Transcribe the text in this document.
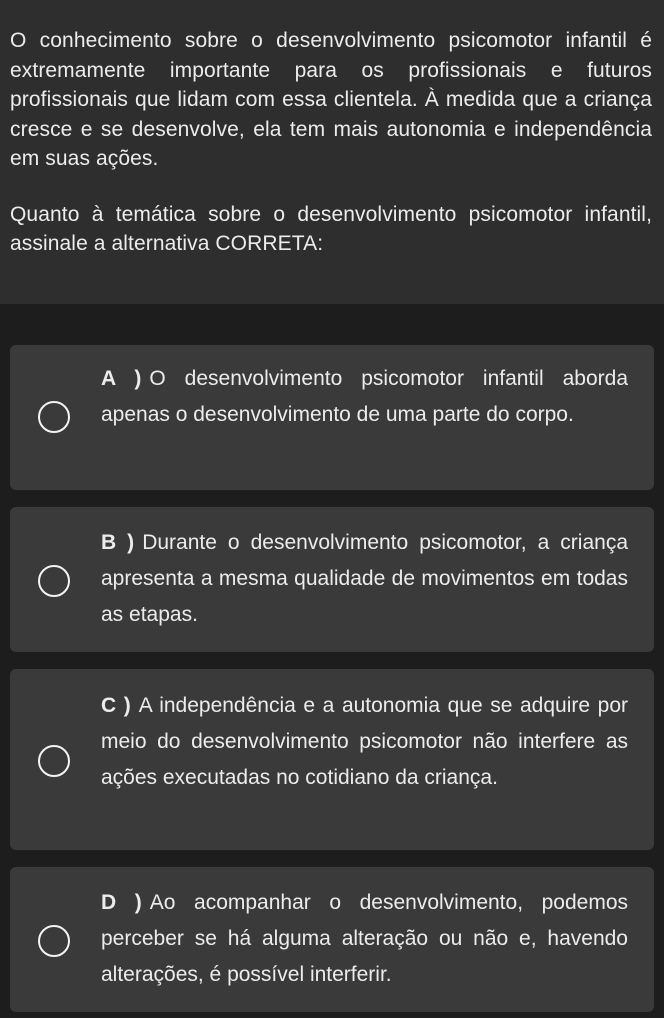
O conhecimento sobre o desenvolvimento psicomotor infantil é extremamente importante para os profissionais e futuros profissionais que lidam com essa clientela. À medida que a criança cresce e se desenvolve, ela tem mais autonomia e independência em suas ações.

Quanto à temática sobre o desenvolvimento psicomotor infantil, assinale a alternativa CORRETA:

A ) O desenvolvimento psicomotor infantil aborda apenas o desenvolvimento de uma parte do corpo.
B ) Durante o desenvolvimento psicomotor, a criança apresenta a mesma qualidade de movimentos em todas as etapas.
C ) A independência e a autonomia que se adquire por meio do desenvolvimento psicomotor não interfere as ações executadas no cotidiano da criança.
D ) Ao acompanhar o desenvolvimento, podemos perceber se há alguma alteração ou não e, havendo alterações, é possível interferir.
